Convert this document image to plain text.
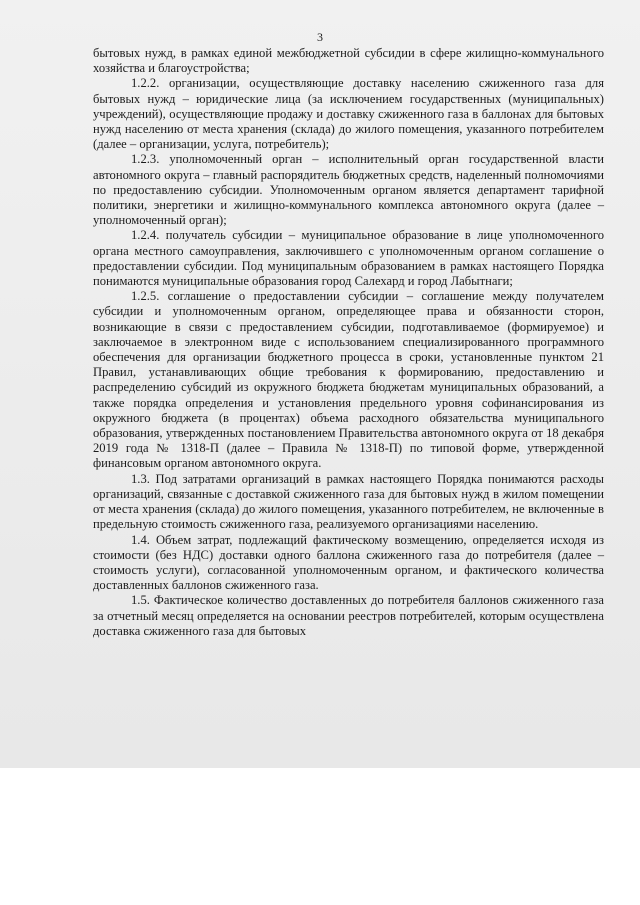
3

бытовых нужд, в рамках единой межбюджетной субсидии в сфере жилищно-коммунального хозяйства и благоустройства;

1.2.2. организации, осуществляющие доставку населению сжиженного газа для бытовых нужд – юридические лица (за исключением государственных (муниципальных) учреждений), осуществляющие продажу и доставку сжиженного газа в баллонах для бытовых нужд населению от места хранения (склада) до жилого помещения, указанного потребителем (далее – организации, услуга, потребитель);

1.2.3. уполномоченный орган – исполнительный орган государственной власти автономного округа – главный распорядитель бюджетных средств, наделенный полномочиями по предоставлению субсидии. Уполномоченным органом является департамент тарифной политики, энергетики и жилищно-коммунального комплекса автономного округа (далее – уполномоченный орган);

1.2.4. получатель субсидии – муниципальное образование в лице уполномоченного органа местного самоуправления, заключившего с уполномоченным органом соглашение о предоставлении субсидии. Под муниципальным образованием в рамках настоящего Порядка понимаются муниципальные образования город Салехард и город Лабытнаги;

1.2.5. соглашение о предоставлении субсидии – соглашение между получателем субсидии и уполномоченным органом, определяющее права и обязанности сторон, возникающие в связи с предоставлением субсидии, подготавливаемое (формируемое) и заключаемое в электронном виде с использованием специализированного программного обеспечения для организации бюджетного процесса в сроки, установленные пунктом 21 Правил, устанавливающих общие требования к формированию, предоставлению и распределению субсидий из окружного бюджета бюджетам муниципальных образований, а также порядка определения и установления предельного уровня софинансирования из окружного бюджета (в процентах) объема расходного обязательства муниципального образования, утвержденных постановлением Правительства автономного округа от 18 декабря 2019 года № 1318-П (далее – Правила № 1318-П) по типовой форме, утвержденной финансовым органом автономного округа.

1.3. Под затратами организаций в рамках настоящего Порядка понимаются расходы организаций, связанные с доставкой сжиженного газа для бытовых нужд в жилом помещении от места хранения (склада) до жилого помещения, указанного потребителем, не включенные в предельную стоимость сжиженного газа, реализуемого организациями населению.

1.4. Объем затрат, подлежащий фактическому возмещению, определяется исходя из стоимости (без НДС) доставки одного баллона сжиженного газа до потребителя (далее – стоимость услуги), согласованной уполномоченным органом, и фактического количества доставленных баллонов сжиженного газа.

1.5. Фактическое количество доставленных до потребителя баллонов сжиженного газа за отчетный месяц определяется на основании реестров потребителей, которым осуществлена доставка сжиженного газа для бытовых
